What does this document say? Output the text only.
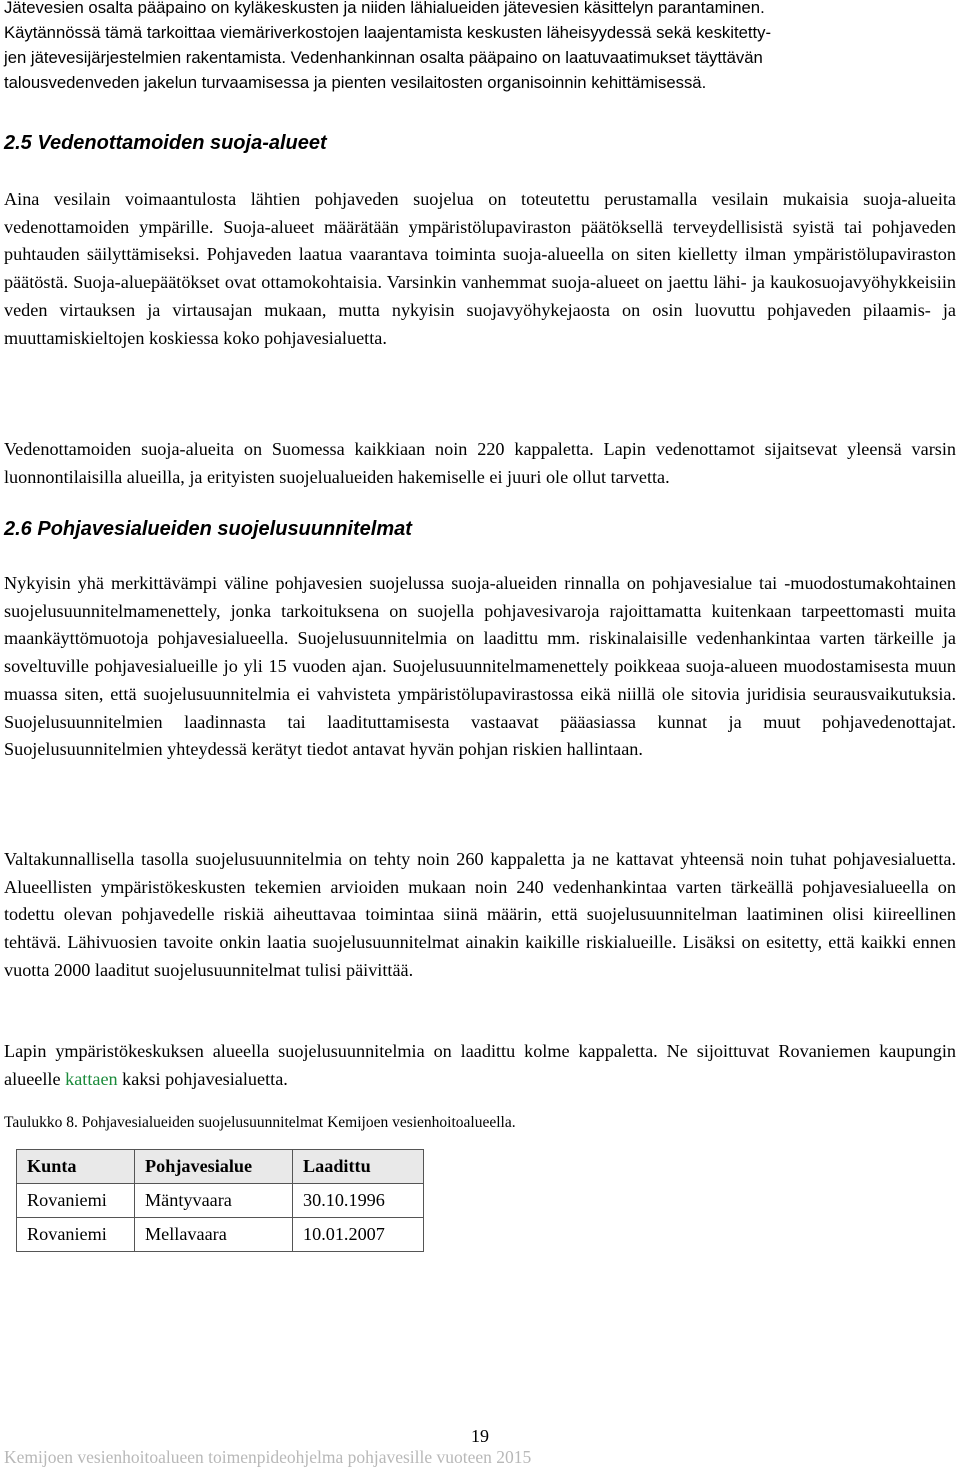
Jätevesien osalta pääpaino on kyläkeskusten ja niiden lähialueiden jätevesien käsittelyn parantaminen.
Käytännössä tämä tarkoittaa viemäriverkostojen laajentamista keskusten läheisyydessä sekä keskitetty-
jen jätevesijärjestelmien rakentamista. Vedenhankinnan osalta pääpaino on laatuvaatimukset täyttävän
talousvedenveden jakelun turvaamisessa ja pienten vesilaitosten organisoinnin kehittämisessä.
2.5 Vedenottamoiden suoja-alueet

Aina vesilain voimaantulosta lähtien pohjaveden suojelua on toteutettu perustamalla vesilain mukaisia suoja-alueita vedenottamoiden ympärille. Suoja-alueet määrätään ympäristölupaviraston päätöksellä terveydellisistä syistä tai pohjaveden puhtauden säilyttämiseksi. Pohjaveden laatua vaarantava toiminta suoja-alueella on siten kielletty ilman ympäristölupaviraston päätöstä. Suoja-aluepäätökset ovat ottamokohtaisia. Varsinkin vanhemmat suoja-alueet on jaettu lähi- ja kaukosuojavyöhykkeisiin veden virtauksen ja virtausajan mukaan, mutta nykyisin suojavyöhykejaosta on osin luovuttu pohjaveden pilaamis- ja muuttamiskieltojen koskiessa koko pohjavesialuetta.

Vedenottamoiden suoja-alueita on Suomessa kaikkiaan noin 220 kappaletta. Lapin vedenottamot sijaitsevat yleensä varsin luonnontilaisilla alueilla, ja erityisten suojelualueiden hakemiselle ei juuri ole ollut tarvetta.

2.6 Pohjavesialueiden suojelusuunnitelmat

Nykyisin yhä merkittävämpi väline pohjavesien suojelussa suoja-alueiden rinnalla on pohjavesialue tai -muodostumakohtainen suojelusuunnitelmamenettely, jonka tarkoituksena on suojella pohjavesivaroja rajoittamatta kuitenkaan tarpeettomasti muita maankäyttömuotoja pohjavesialueella. Suojelusuunnitelmia on laadittu mm. riskinalaisille vedenhankintaa varten tärkeille ja soveltuville pohjavesialueille jo yli 15 vuoden ajan. Suojelusuunnitelmamenettely poikkeaa suoja-alueen muodostamisesta muun muassa siten, että suojelusuunnitelmia ei vahvisteta ympäristölupavirastossa eikä niillä ole sitovia juridisia seurausvaikutuksia. Suojelusuunnitelmien laadinnasta tai laadituttamisesta vastaavat pääasiassa kunnat ja muut pohjavedenottajat. Suojelusuunnitelmien yhteydessä kerätyt tiedot antavat hyvän pohjan riskien hallintaan.

Valtakunnallisella tasolla suojelusuunnitelmia on tehty noin 260 kappaletta ja ne kattavat yhteensä noin tuhat pohjavesialuetta. Alueellisten ympäristökeskusten tekemien arvioiden mukaan noin 240 vedenhankintaa varten tärkeällä pohjavesialueella on todettu olevan pohjavedelle riskiä aiheuttavaa toimintaa siinä määrin, että suojelusuunnitelman laatiminen olisi kiireellinen tehtävä. Lähivuosien tavoite onkin laatia suojelusuunnitelmat ainakin kaikille riskialueille. Lisäksi on esitetty, että kaikki ennen vuotta 2000 laaditut suojelusuunnitelmat tulisi päivittää.

Lapin ympäristökeskuksen alueella suojelusuunnitelmia on laadittu kolme kappaletta. Ne sijoittuvat Rovaniemen kaupungin alueelle kattaen kaksi pohjavesialuetta.

Taulukko 8. Pohjavesialueiden suojelusuunnitelmat Kemijoen vesienhoitoalueella.
Kunta	Pohjavesialue	Laadittu
Rovaniemi	Mäntyvaara	30.10.1996
Rovaniemi	Mellavaara	10.01.2007
19
Kemijoen vesienhoitoalueen toimenpideohjelma pohjavesille vuoteen 2015
